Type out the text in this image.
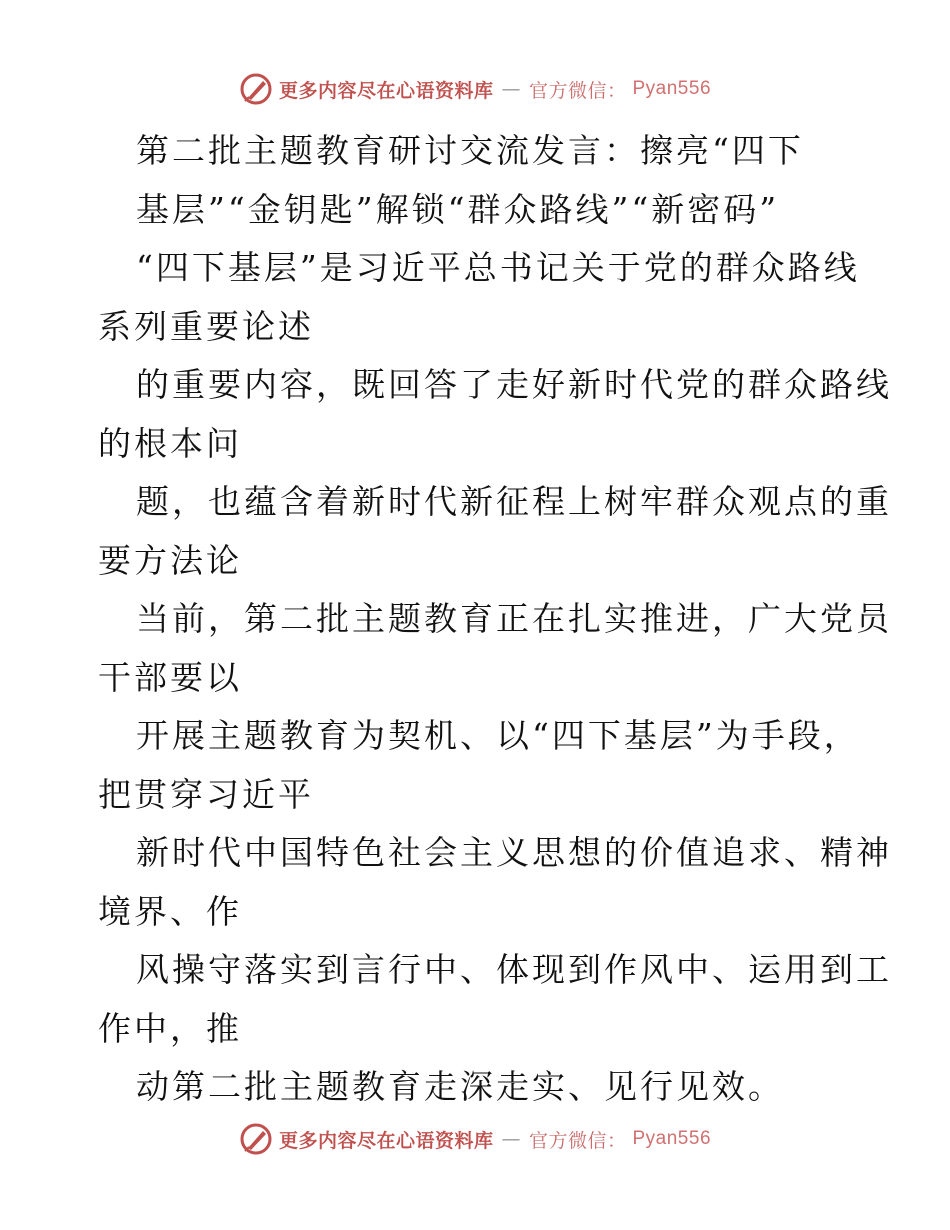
更多内容尽在心语资料库 — 官方微信： Pyan556
第二批主题教育研讨交流发言：擦亮“四下
基层”“金钥匙”解锁“群众路线”“新密码”
“四下基层”是习近平总书记关于党的群众路线
系列重要论述
的重要内容，既回答了走好新时代党的群众路线
的根本问
题，也蕴含着新时代新征程上树牢群众观点的重
要方法论
当前，第二批主题教育正在扎实推进，广大党员
干部要以
开展主题教育为契机、以“四下基层”为手段，
把贯穿习近平
新时代中国特色社会主义思想的价值追求、精神
境界、作
风操守落实到言行中、体现到作风中、运用到工
作中，推
动第二批主题教育走深走实、见行见效。
更多内容尽在心语资料库 — 官方微信： Pyan556
